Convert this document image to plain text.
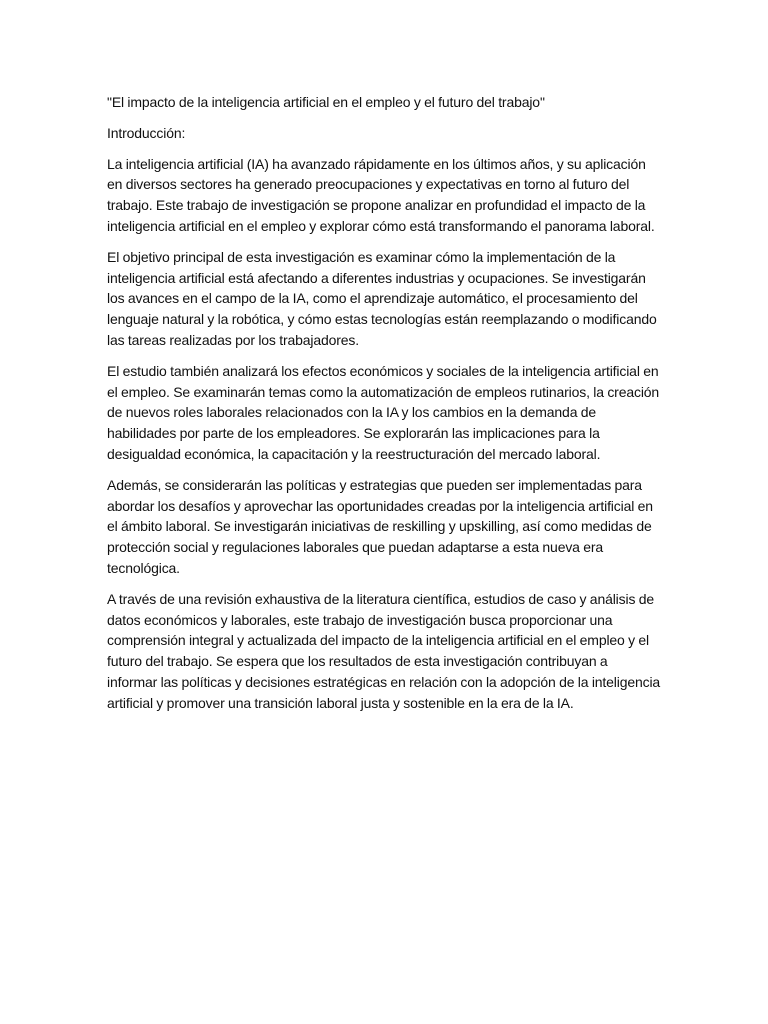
"El impacto de la inteligencia artificial en el empleo y el futuro del trabajo"

Introducción:

La inteligencia artificial (IA) ha avanzado rápidamente en los últimos años, y su aplicación en diversos sectores ha generado preocupaciones y expectativas en torno al futuro del trabajo. Este trabajo de investigación se propone analizar en profundidad el impacto de la inteligencia artificial en el empleo y explorar cómo está transformando el panorama laboral.

El objetivo principal de esta investigación es examinar cómo la implementación de la inteligencia artificial está afectando a diferentes industrias y ocupaciones. Se investigarán los avances en el campo de la IA, como el aprendizaje automático, el procesamiento del lenguaje natural y la robótica, y cómo estas tecnologías están reemplazando o modificando las tareas realizadas por los trabajadores.

El estudio también analizará los efectos económicos y sociales de la inteligencia artificial en el empleo. Se examinarán temas como la automatización de empleos rutinarios, la creación de nuevos roles laborales relacionados con la IA y los cambios en la demanda de habilidades por parte de los empleadores. Se explorarán las implicaciones para la desigualdad económica, la capacitación y la reestructuración del mercado laboral.

Además, se considerarán las políticas y estrategias que pueden ser implementadas para abordar los desafíos y aprovechar las oportunidades creadas por la inteligencia artificial en el ámbito laboral. Se investigarán iniciativas de reskilling y upskilling, así como medidas de protección social y regulaciones laborales que puedan adaptarse a esta nueva era tecnológica.

A través de una revisión exhaustiva de la literatura científica, estudios de caso y análisis de datos económicos y laborales, este trabajo de investigación busca proporcionar una comprensión integral y actualizada del impacto de la inteligencia artificial en el empleo y el futuro del trabajo. Se espera que los resultados de esta investigación contribuyan a informar las políticas y decisiones estratégicas en relación con la adopción de la inteligencia artificial y promover una transición laboral justa y sostenible en la era de la IA.
